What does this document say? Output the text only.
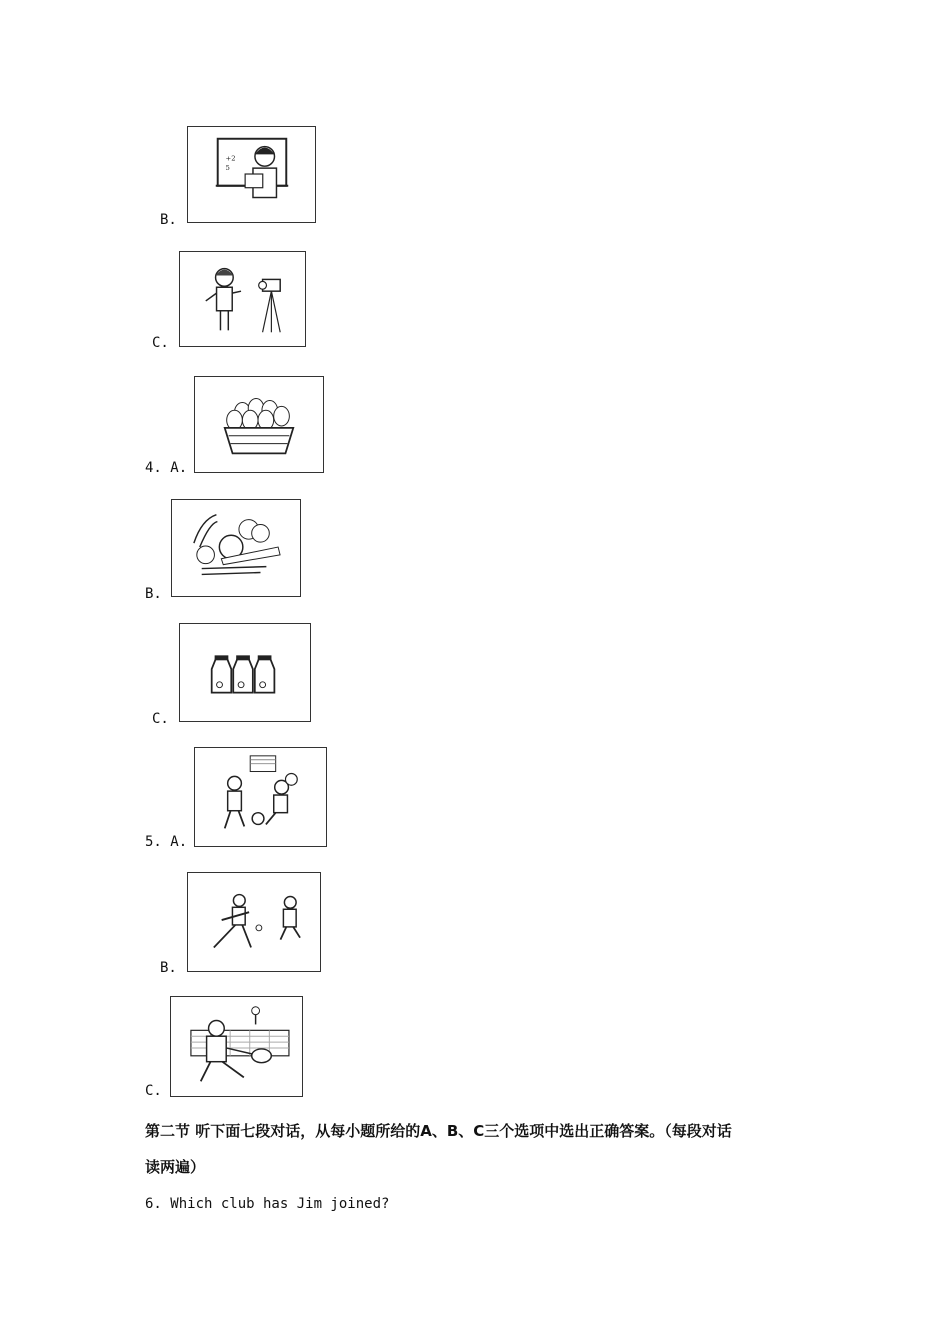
B.
+2
5
C.
4. A.
B.
C.
5. A.
B.
C.
第二节 听下面七段对话，从每小题所给的A、B、C三个选项中选出正确答案。（每段对话
读两遍）
6. Which club has Jim joined?
